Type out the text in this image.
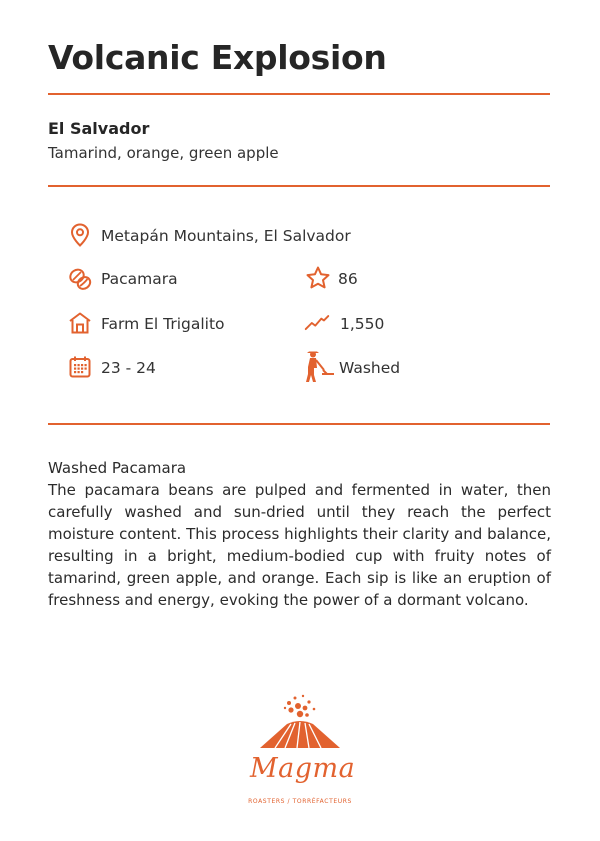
Volcanic Explosion
El Salvador
Tamarind, orange, green apple
Metapán Mountains, El Salvador
Pacamara	86
Farm El Trigalito	1,550
23 - 24	Washed
Washed Pacamara
The pacamara beans are pulped and fermented in water, then carefully washed and sun-dried until they reach the perfect moisture content. This process highlights their clarity and balance, resulting in a bright, medium-bodied cup with fruity notes of tamarind, green apple, and orange. Each sip is like an eruption of freshness and energy, evoking the power of a dormant volcano.
Magma
ROASTERS / TORRÉFACTEURS
